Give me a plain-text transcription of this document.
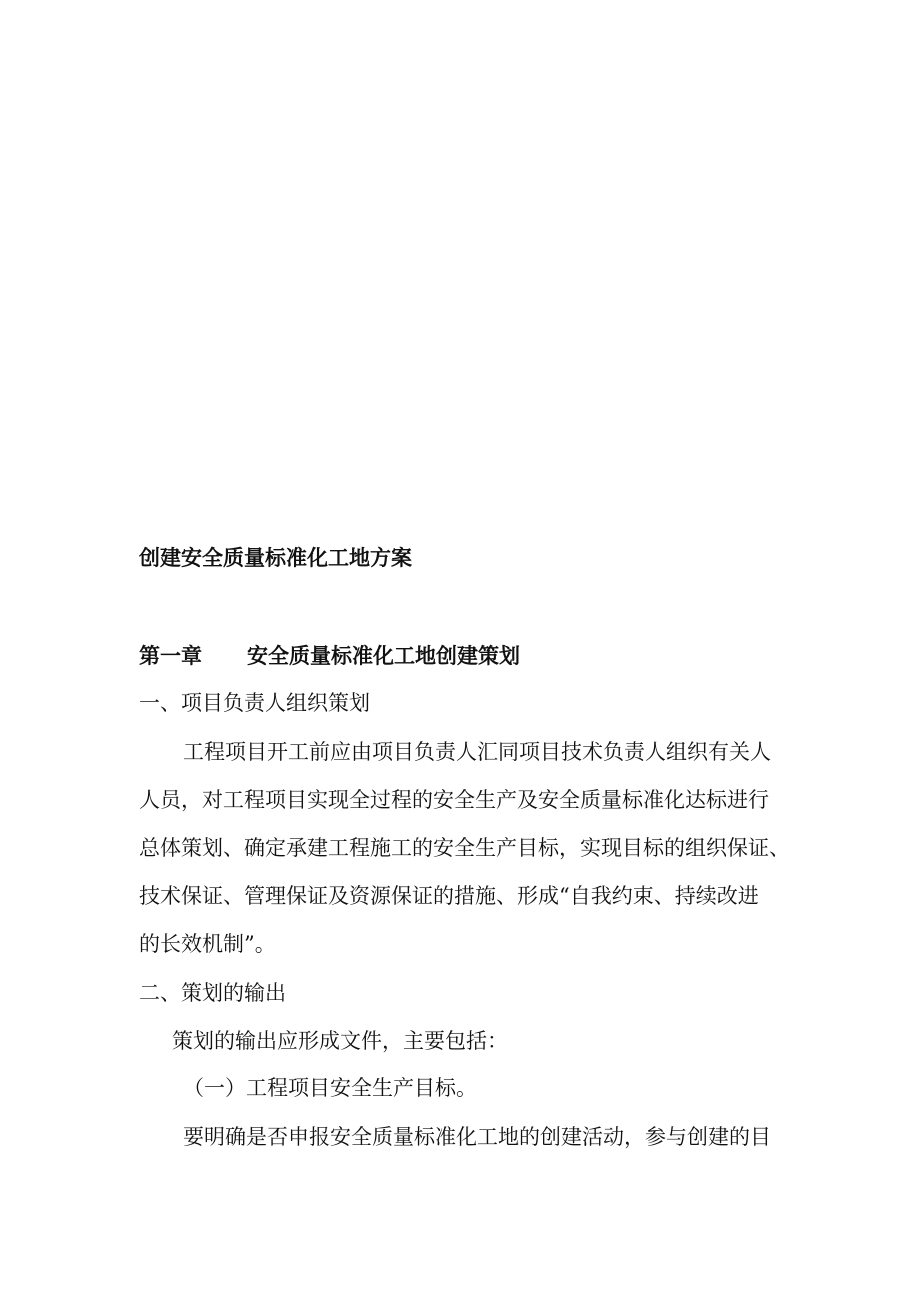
创建安全质量标准化工地方案
第一章 安全质量标准化工地创建策划
一、项目负责人组织策划
工程项目开工前应由项目负责人汇同项目技术负责人组织有关人
人员，对工程项目实现全过程的安全生产及安全质量标准化达标进行
总体策划、确定承建工程施工的安全生产目标，实现目标的组织保证、
技术保证、管理保证及资源保证的措施、形成“自我约束、持续改进
的长效机制”。
二、策划的输出
策划的输出应形成文件，主要包括：
（一）工程项目安全生产目标。
要明确是否申报安全质量标准化工地的创建活动，参与创建的目
